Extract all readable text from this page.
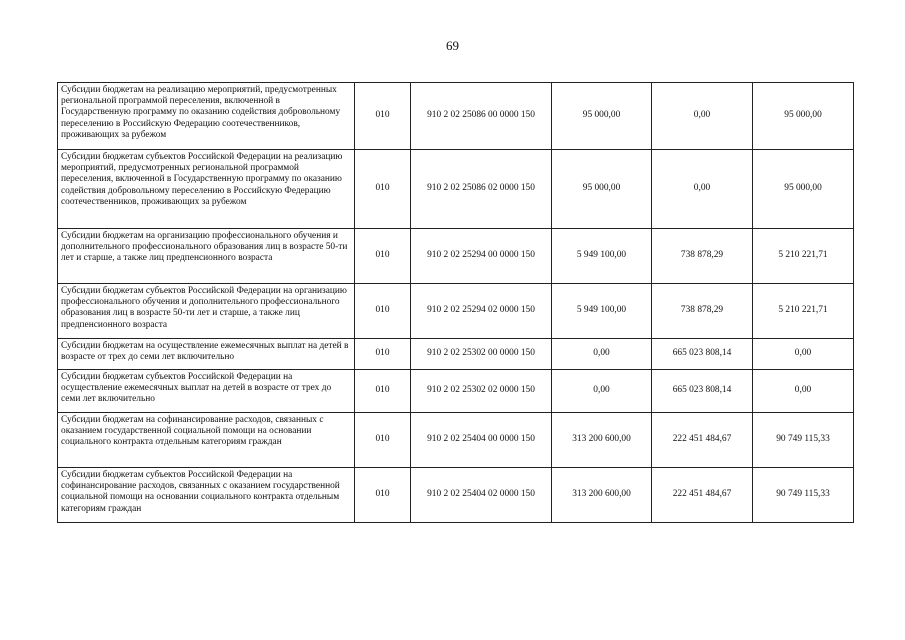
69
Субсидии бюджетам на реализацию мероприятий, предусмотренных региональной программой переселения, включенной в Государственную программу по оказанию содействия добровольному переселению в Российскую Федерацию соотечественников, проживающих за рубежом	010	910 2 02 25086 00 0000 150	95 000,00	0,00	95 000,00
Субсидии бюджетам субъектов Российской Федерации на реализацию мероприятий, предусмотренных региональной программой переселения, включенной в Государственную программу по оказанию содействия добровольному переселению в Российскую Федерацию соотечественников, проживающих за рубежом	010	910 2 02 25086 02 0000 150	95 000,00	0,00	95 000,00
Субсидии бюджетам на организацию профессионального обучения и дополнительного профессионального образования лиц в возрасте 50-ти лет и старше, а также лиц предпенсионного возраста	010	910 2 02 25294 00 0000 150	5 949 100,00	738 878,29	5 210 221,71
Субсидии бюджетам субъектов Российской Федерации на организацию профессионального обучения и дополнительного профессионального образования лиц в возрасте 50-ти лет и старше, а также лиц предпенсионного возраста	010	910 2 02 25294 02 0000 150	5 949 100,00	738 878,29	5 210 221,71
Субсидии бюджетам на осуществление ежемесячных выплат на детей в возрасте от трех до семи лет включительно	010	910 2 02 25302 00 0000 150	0,00	665 023 808,14	0,00
Субсидии бюджетам субъектов Российской Федерации на осуществление ежемесячных выплат на детей в возрасте от трех до семи лет включительно	010	910 2 02 25302 02 0000 150	0,00	665 023 808,14	0,00
Субсидии бюджетам на софинансирование расходов, связанных с оказанием государственной социальной помощи на основании социального контракта отдельным категориям граждан	010	910 2 02 25404 00 0000 150	313 200 600,00	222 451 484,67	90 749 115,33
Субсидии бюджетам субъектов Российской Федерации на софинансирование расходов, связанных с оказанием государственной социальной помощи на основании социального контракта отдельным категориям граждан	010	910 2 02 25404 02 0000 150	313 200 600,00	222 451 484,67	90 749 115,33
